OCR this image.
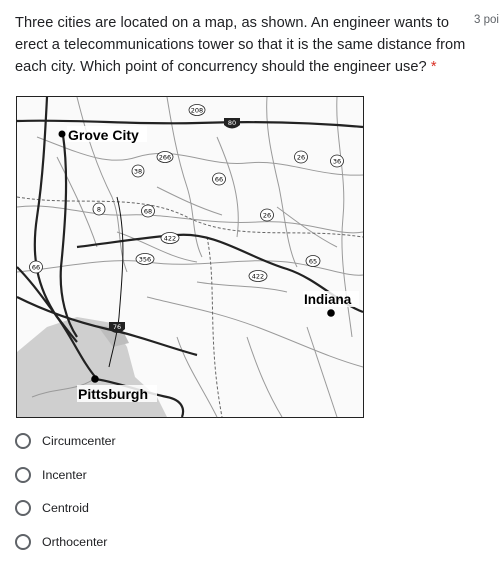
Three cities are located on a map, as shown. An engineer wants to erect a telecommunications tower so that it is the same distance from each city. Which point of concurrency should the engineer use? *
3 poi
208
80
266
38
26	36
66
8	68	26
422
356
422
65
66
76
Grove City
Indiana
Pittsburgh
Circumcenter
Incenter
Centroid
Orthocenter
